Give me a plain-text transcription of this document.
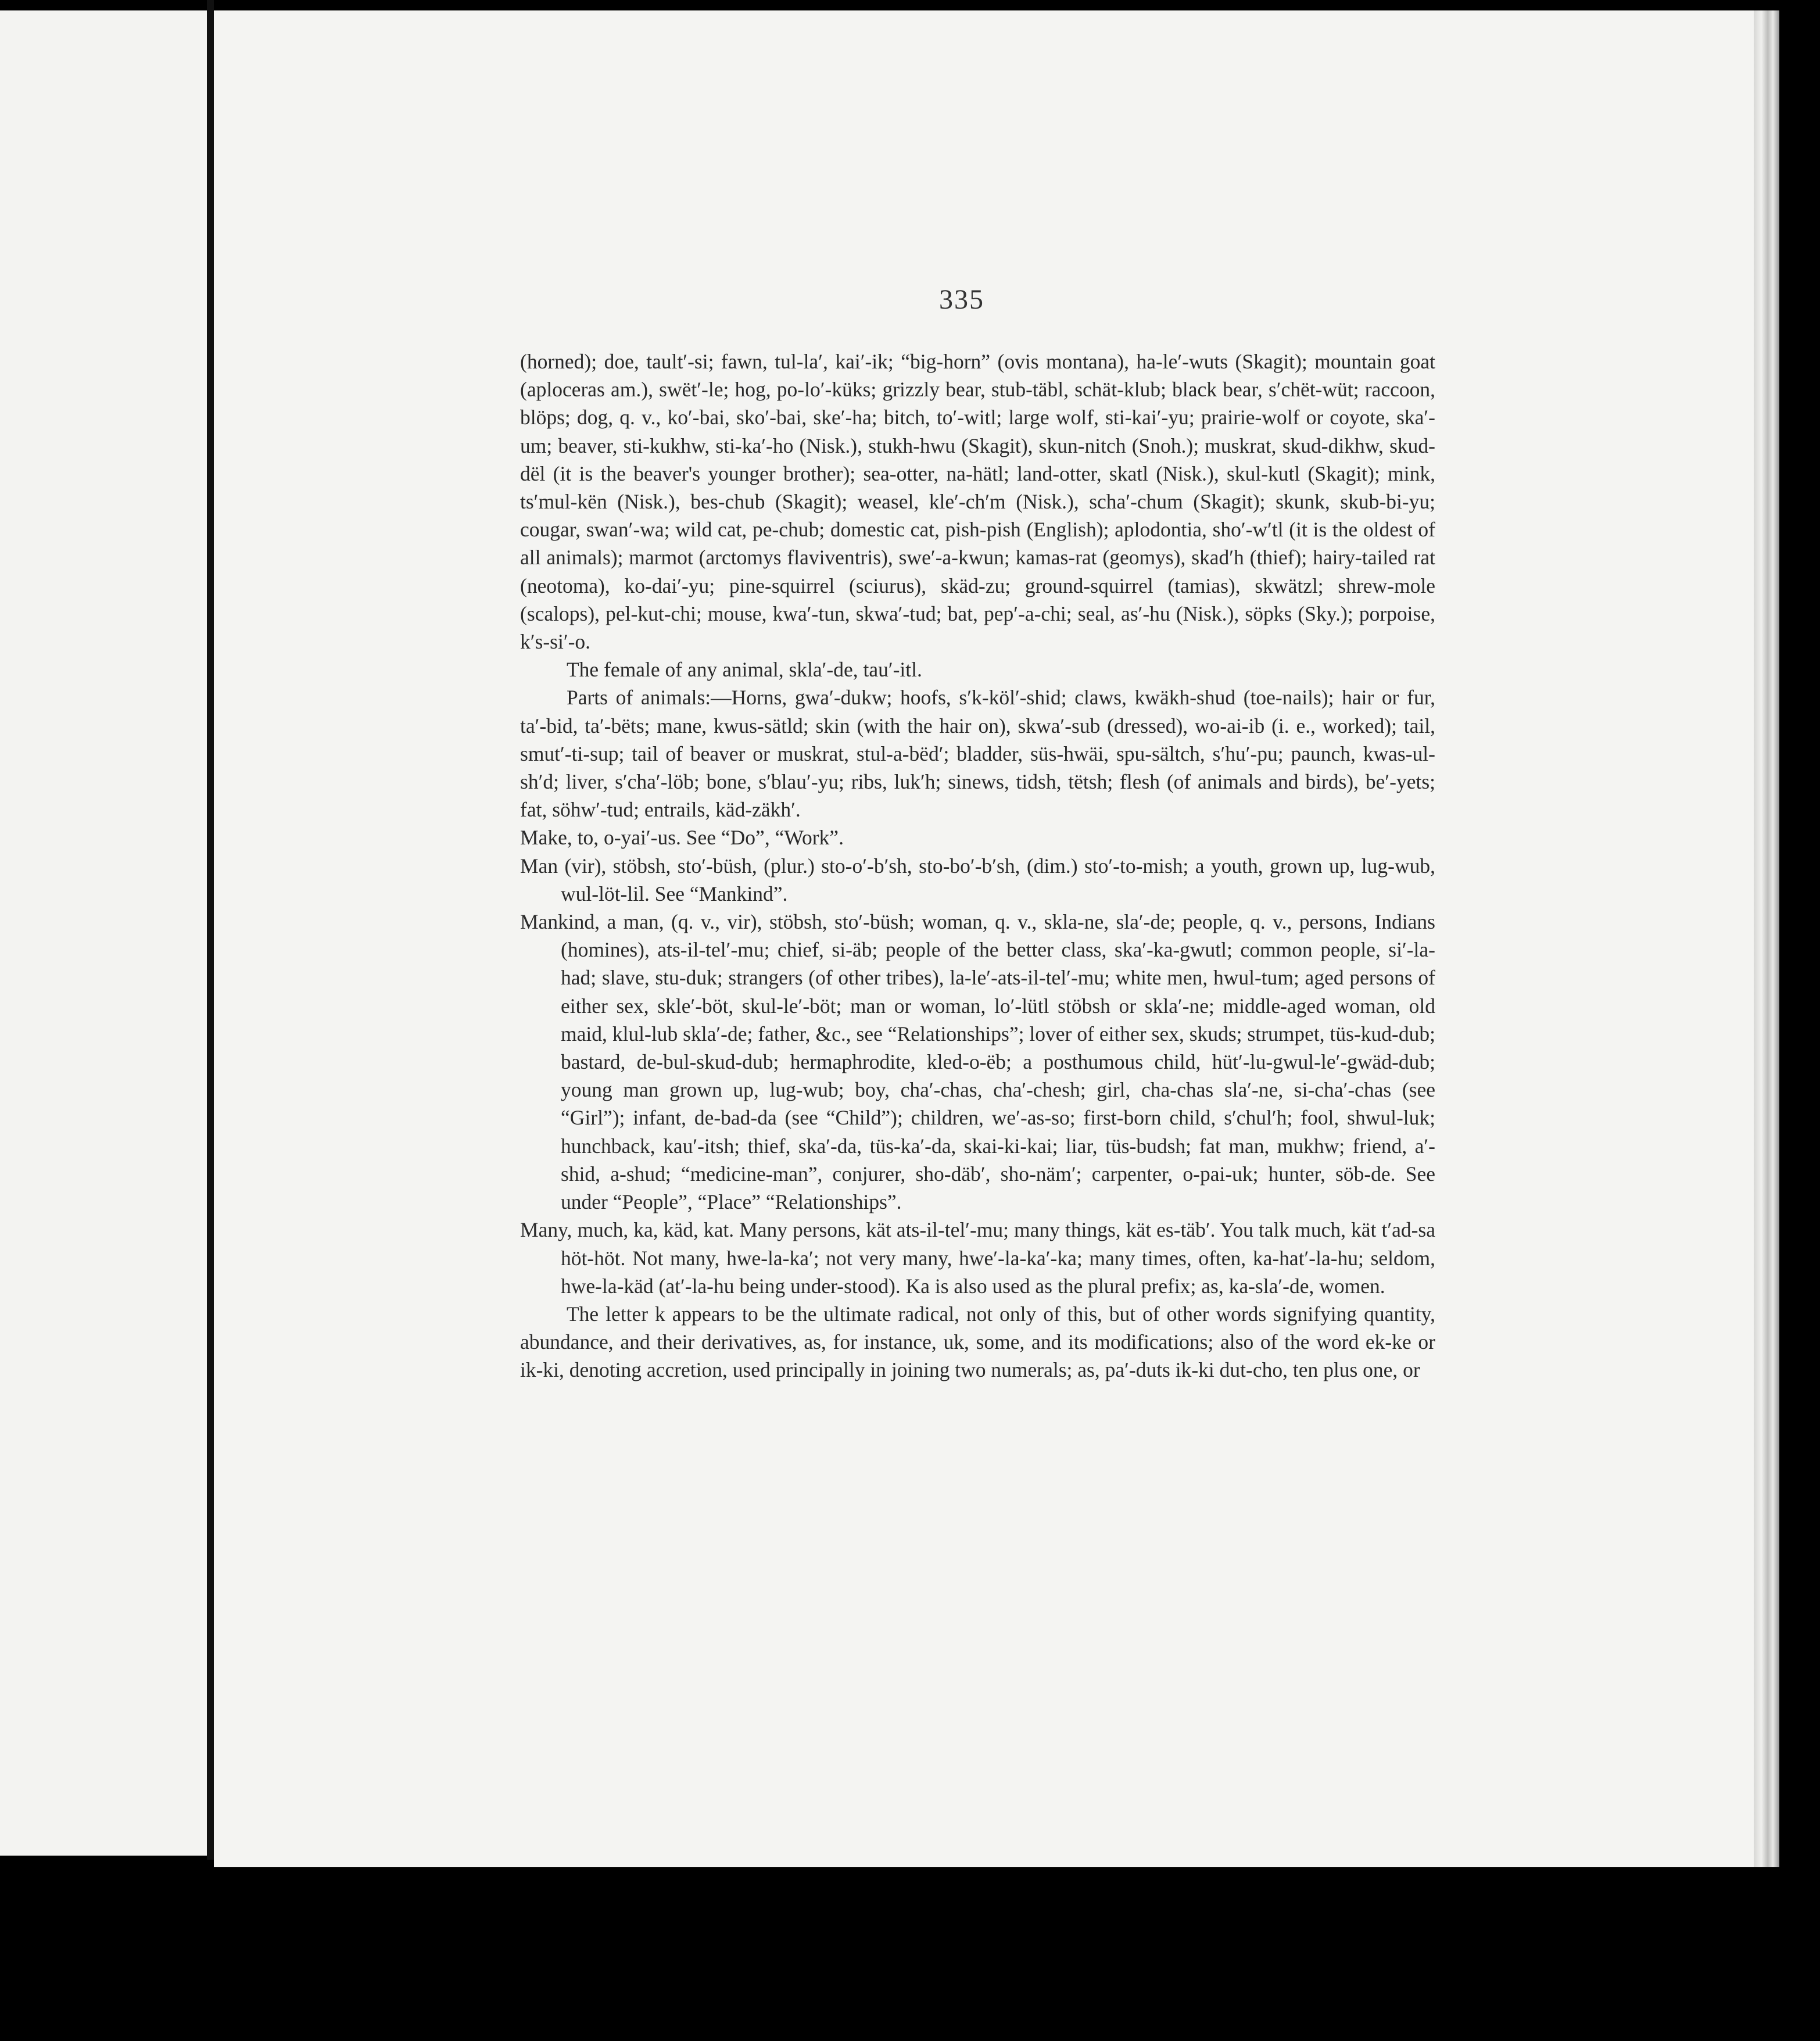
335

(horned); doe, tault′-si; fawn, tul-la′, kai′-ik; “big-horn” (ovis montana), ha-le′-wuts (Skagit); mountain goat (aploceras am.), swët′-le; hog, po-lo′-küks; grizzly bear, stub-täbl, schät-klub; black bear, s′chët-wüt; raccoon, blöps; dog, q. v., ko′-bai, sko′-bai, ske′-ha; bitch, to′-witl; large wolf, sti-kai′-yu; prairie-wolf or coyote, ska′-um; beaver, sti-kukhw, sti-ka′-ho (Nisk.), stukh-hwu (Skagit), skun-nitch (Snoh.); muskrat, skud-dikhw, skud-dël (it is the beaver's younger brother); sea-otter, na-hätl; land-otter, skatl (Nisk.), skul-kutl (Skagit); mink, ts′mul-kën (Nisk.), bes-chub (Skagit); weasel, kle′-ch′m (Nisk.), scha′-chum (Skagit); skunk, skub-bi-yu; cougar, swan′-wa; wild cat, pe-chub; domestic cat, pish-pish (English); aplodontia, sho′-w′tl (it is the oldest of all animals); marmot (arctomys flaviventris), swe′-a-kwun; kamas-rat (geomys), skad′h (thief); hairy-tailed rat (neotoma), ko-dai′-yu; pine-squirrel (sciurus), skäd-zu; ground-squirrel (tamias), skwätzl; shrew-mole (scalops), pel-kut-chi; mouse, kwa′-tun, skwa′-tud; bat, pep′-a-chi; seal, as′-hu (Nisk.), söpks (Sky.); porpoise, k′s-si′-o.

The female of any animal, skla′-de, tau′-itl.

Parts of animals:—Horns, gwa′-dukw; hoofs, s′k-köl′-shid; claws, kwäkh-shud (toe-nails); hair or fur, ta′-bid, ta′-bëts; mane, kwus-sätld; skin (with the hair on), skwa′-sub (dressed), wo-ai-ib (i. e., worked); tail, smut′-ti-sup; tail of beaver or muskrat, stul-a-bëd′; bladder, süs-hwäi, spu-sältch, s′hu′-pu; paunch, kwas-ul-sh′d; liver, s′cha′-löb; bone, s′blau′-yu; ribs, luk′h; sinews, tidsh, tëtsh; flesh (of animals and birds), be′-yets; fat, söhw′-tud; entrails, käd-zäkh′.

Make, to, o-yai′-us. See “Do”, “Work”.

Man (vir), stöbsh, sto′-büsh, (plur.) sto-o′-b′sh, sto-bo′-b′sh, (dim.) sto′-to-mish; a youth, grown up, lug-wub, wul-löt-lil. See “Mankind”.

Mankind, a man, (q. v., vir), stöbsh, sto′-büsh; woman, q. v., skla-ne, sla′-de; people, q. v., persons, Indians (homines), ats-il-tel′-mu; chief, si-äb; people of the better class, ska′-ka-gwutl; common people, si′-la-had; slave, stu-duk; strangers (of other tribes), la-le′-ats-il-tel′-mu; white men, hwul-tum; aged persons of either sex, skle′-böt, skul-le′-böt; man or woman, lo′-lütl stöbsh or skla′-ne; middle-aged woman, old maid, klul-lub skla′-de; father, &c., see “Relationships”; lover of either sex, skuds; strumpet, tüs-kud-dub; bastard, de-bul-skud-dub; hermaphrodite, kled-o-ëb; a posthumous child, hüt′-lu-gwul-le′-gwäd-dub; young man grown up, lug-wub; boy, cha′-chas, cha′-chesh; girl, cha-chas sla′-ne, si-cha′-chas (see “Girl”); infant, de-bad-da (see “Child”); children, we′-as-so; first-born child, s′chul′h; fool, shwul-luk; hunchback, kau′-itsh; thief, ska′-da, tüs-ka′-da, skai-ki-kai; liar, tüs-budsh; fat man, mukhw; friend, a′-shid, a-shud; “medicine-man”, conjurer, sho-däb′, sho-näm′; carpenter, o-pai-uk; hunter, söb-de. See under “People”, “Place” “Relationships”.

Many, much, ka, käd, kat. Many persons, kät ats-il-tel′-mu; many things, kät es-täb′. You talk much, kät t′ad-sa höt-höt. Not many, hwe-la-ka′; not very many, hwe′-la-ka′-ka; many times, often, ka-hat′-la-hu; seldom, hwe-la-käd (at′-la-hu being under-stood). Ka is also used as the plural prefix; as, ka-sla′-de, women.

The letter k appears to be the ultimate radical, not only of this, but of other words signifying quantity, abundance, and their derivatives, as, for instance, uk, some, and its modifications; also of the word ek-ke or ik-ki, denoting accretion, used principally in joining two numerals; as, pa′-duts ik-ki dut-cho, ten plus one, or
